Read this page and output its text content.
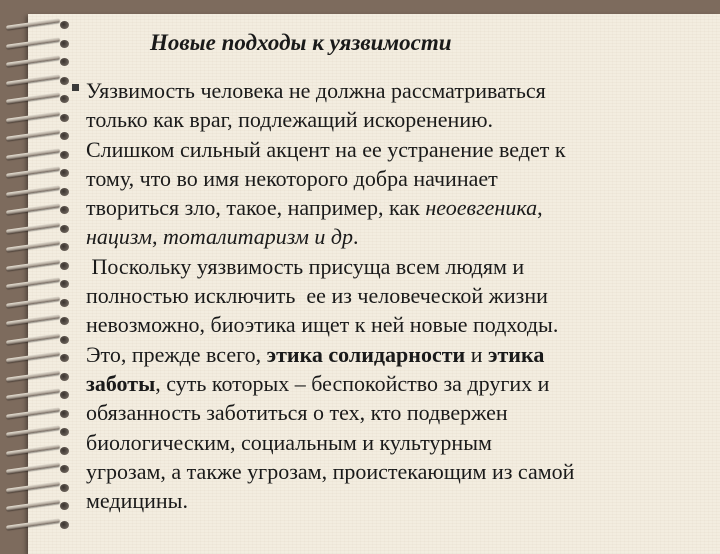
Новые подходы к уязвимости
Уязвимость человека не должна рассматриваться
только как враг, подлежащий искоренению.
Слишком сильный акцент на ее устранение ведет к
тому, что во имя некоторого добра начинает
твориться зло, такое, например, как неоевгеника,
нацизм, тоталитаризм и др.
Поскольку уязвимость присуща всем людям и
полностью исключить  ее из человеческой жизни
невозможно, биоэтика ищет к ней новые подходы.
Это, прежде всего, этика солидарности и этика
заботы, суть которых – беспокойство за других и
обязанность заботиться о тех, кто подвержен
биологическим, социальным и культурным
угрозам, а также угрозам, проистекающим из самой
медицины.
